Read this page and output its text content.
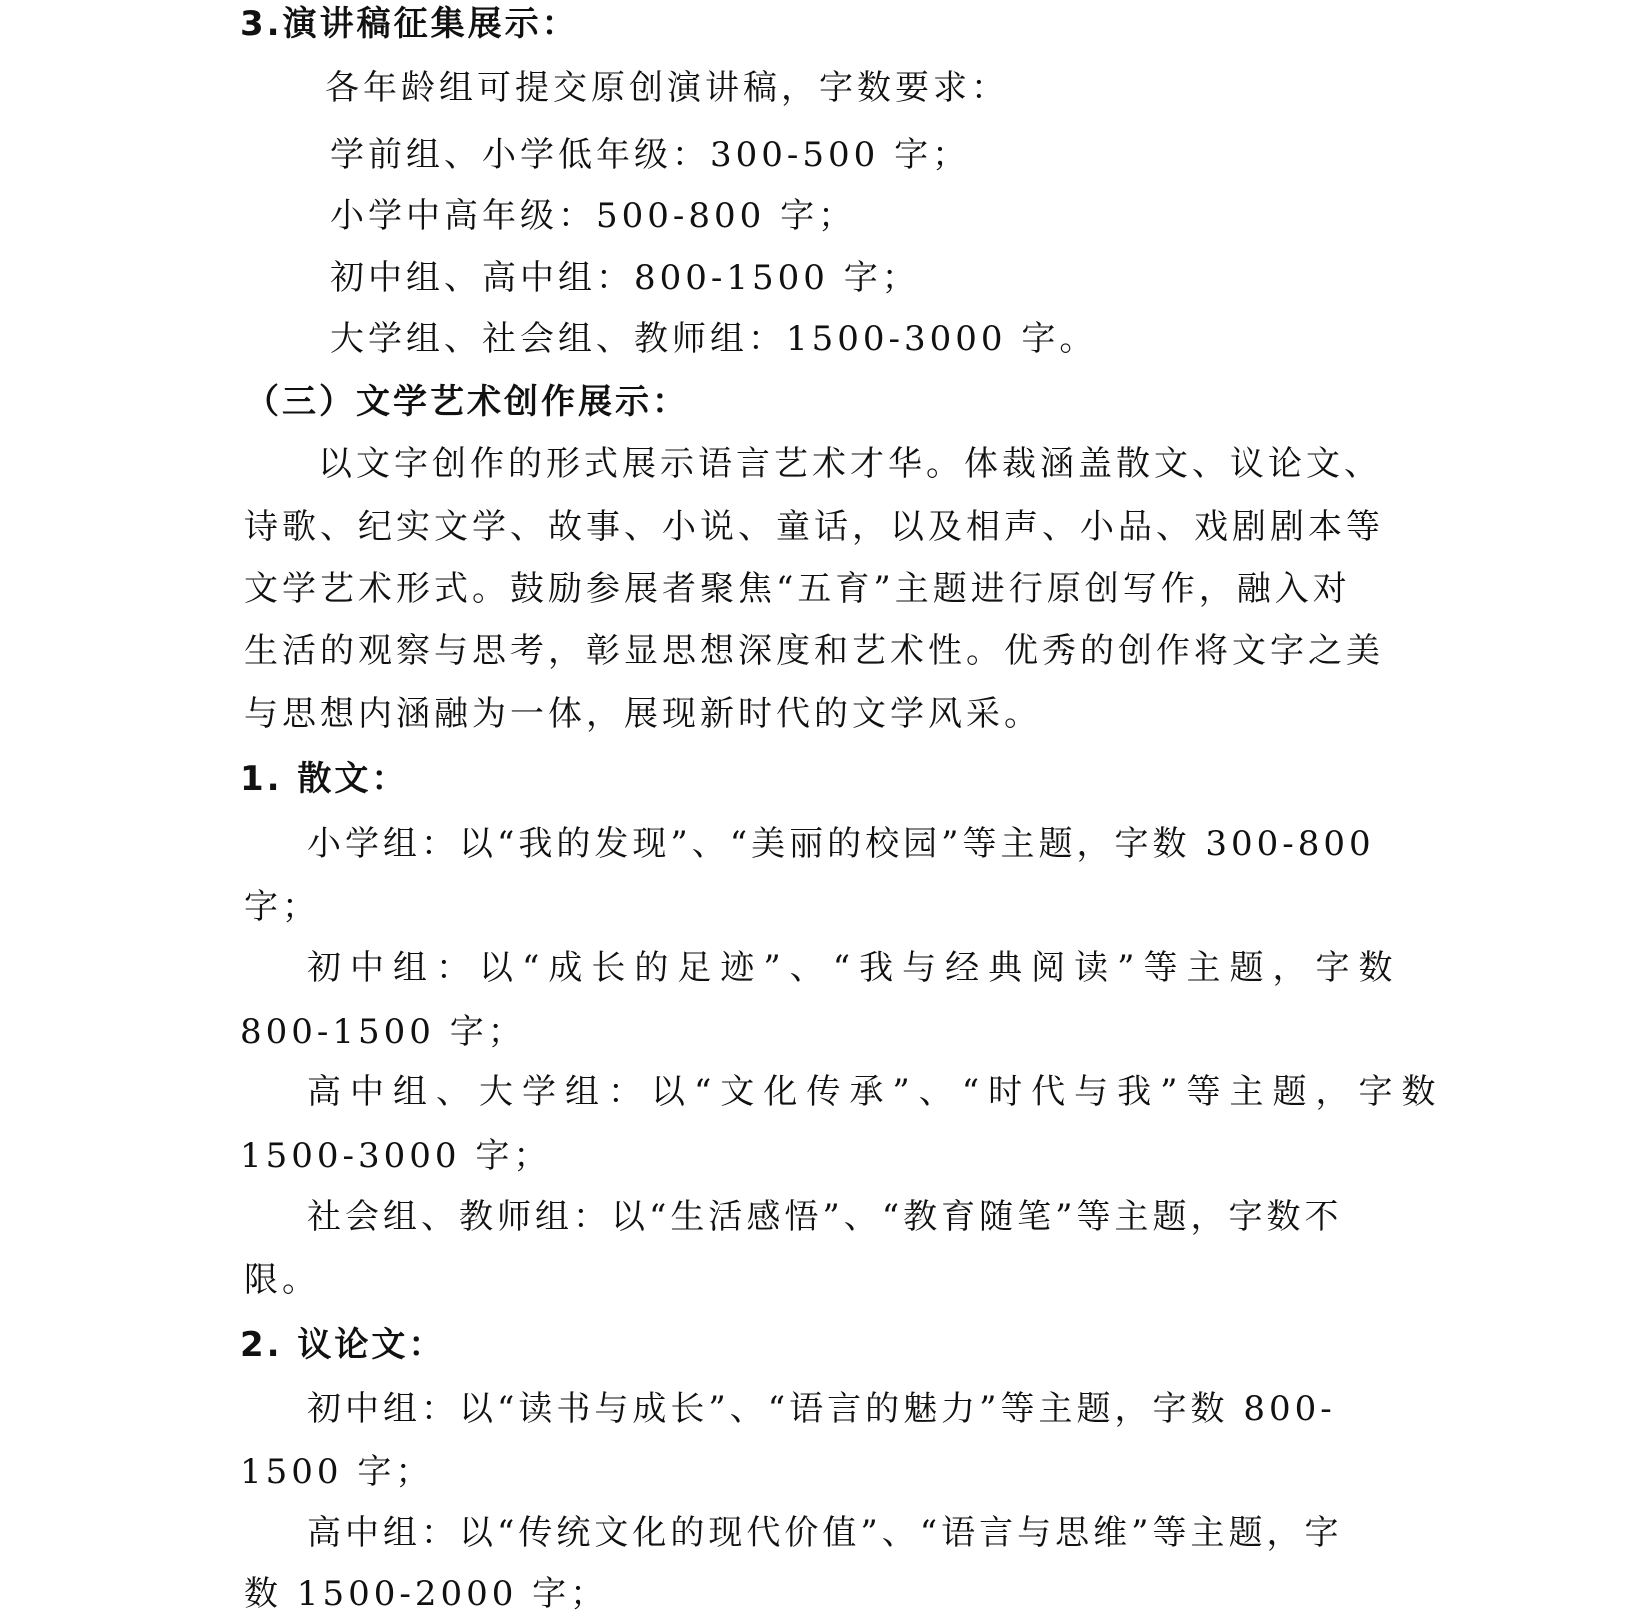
3.演讲稿征集展示：
各年龄组可提交原创演讲稿，字数要求：
学前组、小学低年级：300-500 字；
小学中高年级：500-800 字；
初中组、高中组：800-1500 字；
大学组、社会组、教师组：1500-3000 字。
（三）文学艺术创作展示：
以文字创作的形式展示语言艺术才华。体裁涵盖散文、议论文、
诗歌、纪实文学、故事、小说、童话，以及相声、小品、戏剧剧本等
文学艺术形式。鼓励参展者聚焦“五育”主题进行原创写作，融入对
生活的观察与思考，彰显思想深度和艺术性。优秀的创作将文字之美
与思想内涵融为一体，展现新时代的文学风采。
1. 散文：
小学组：以“我的发现”、“美丽的校园”等主题，字数 300-800
字；
初中组：以“成长的足迹”、“我与经典阅读”等主题，字数
800-1500 字；
高中组、大学组：以“文化传承”、“时代与我”等主题，字数
1500-3000 字；
社会组、教师组：以“生活感悟”、“教育随笔”等主题，字数不
限。
2. 议论文：
初中组：以“读书与成长”、“语言的魅力”等主题，字数 800-
1500 字；
高中组：以“传统文化的现代价值”、“语言与思维”等主题，字
数 1500-2000 字；
